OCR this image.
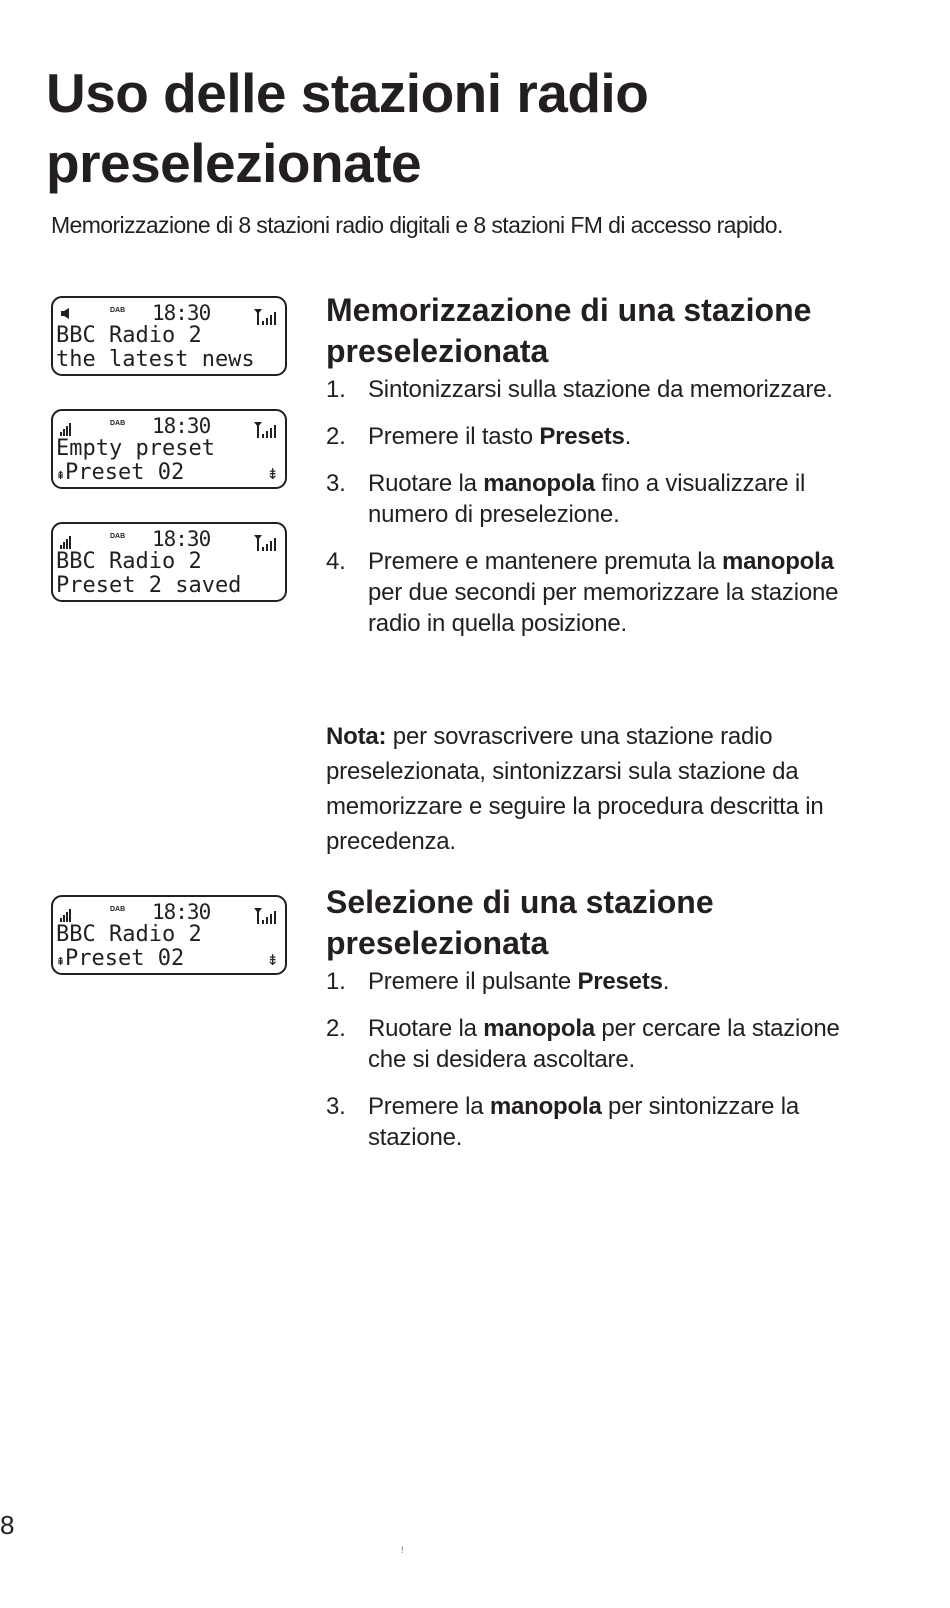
Uso delle stazioni radio
preselezionate

Memorizzazione di 8 stazioni radio digitali e 8 stazioni FM di accesso rapido.

DAB 18:30
BBC Radio 2
the latest news
DAB 18:30
Empty preset
⇞Preset 02	⇟
DAB 18:30
BBC Radio 2
Preset 2 saved
DAB 18:30
BBC Radio 2
⇞Preset 02	⇟
Memorizzazione di una stazione
preselezionata
1. Sintonizzarsi sulla stazione da memorizzare.
2. Premere il tasto Presets.
3. Ruotare la manopola fino a visualizzare il numero di preselezione.
4. Premere e mantenere premuta la manopola per due secondi per memorizzare la stazione radio in quella posizione.

Nota: per sovrascrivere una stazione radio preselezionata, sintonizzarsi sula stazione da memorizzare e seguire la procedura descritta in precedenza.

Selezione di una stazione
preselezionata
1. Premere il pulsante Presets.
2. Ruotare la manopola per cercare la stazione che si desidera ascoltare.
3. Premere la manopola per sintonizzare la stazione.
8
!
